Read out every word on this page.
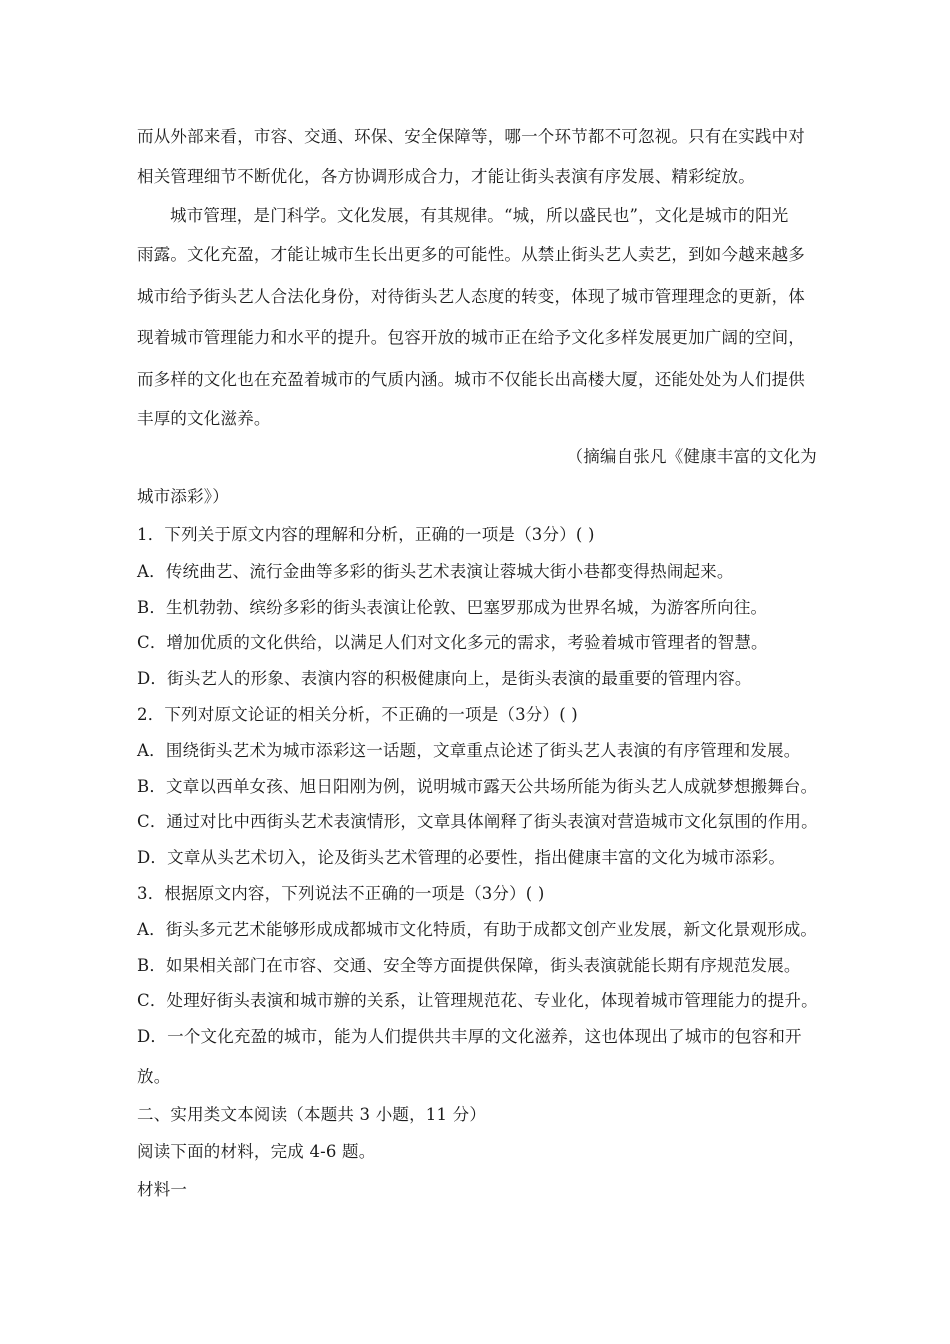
而从外部来看，市容、交通、环保、安全保障等，哪一个环节都不可忽视。只有在实践中对
相关管理细节不断优化，各方协调形成合力，才能让街头表演有序发展、精彩绽放。
城市管理，是门科学。文化发展，有其规律。“城，所以盛民也”，文化是城市的阳光
雨露。文化充盈，才能让城市生长出更多的可能性。从禁止街头艺人卖艺，到如今越来越多
城市给予街头艺人合法化身份，对待街头艺人态度的转变，体现了城市管理理念的更新，体
现着城市管理能力和水平的提升。包容开放的城市正在给予文化多样发展更加广阔的空间，
而多样的文化也在充盈着城市的气质内涵。城市不仅能长出高楼大厦，还能处处为人们提供
丰厚的文化滋养。
（摘编自张凡《健康丰富的文化为
城市添彩》）
1．下列关于原文内容的理解和分析，正确的一项是（3分）( )
A．传统曲艺、流行金曲等多彩的街头艺术表演让蓉城大街小巷都变得热闹起来。
B．生机勃勃、缤纷多彩的街头表演让伦敦、巴塞罗那成为世界名城，为游客所向往。
C．增加优质的文化供给，以满足人们对文化多元的需求，考验着城市管理者的智慧。
D．街头艺人的形象、表演内容的积极健康向上，是街头表演的最重要的管理内容。
2．下列对原文论证的相关分析，不正确的一项是（3分）( )
A．围绕街头艺术为城市添彩这一话题，文章重点论述了街头艺人表演的有序管理和发展。
B．文章以西单女孩、旭日阳刚为例，说明城市露天公共场所能为街头艺人成就梦想搬舞台。
C．通过对比中西街头艺术表演情形，文章具体阐释了街头表演对营造城市文化氛围的作用。
D．文章从头艺术切入，论及街头艺术管理的必要性，指出健康丰富的文化为城市添彩。
3．根据原文内容，下列说法不正确的一项是（3分）( )
A．街头多元艺术能够形成成都城市文化特质，有助于成都文创产业发展，新文化景观形成。
B．如果相关部门在市容、交通、安全等方面提供保障，街头表演就能长期有序规范发展。
C．处理好街头表演和城市辦的关系，让管理规范花、专业化，体现着城市管理能力的提升。
D．一个文化充盈的城市，能为人们提供共丰厚的文化滋养，这也体现出了城市的包容和开
放。
二、实用类文本阅读（本题共 3 小题，11 分）
阅读下面的材料，完成 4-6 题。
材料一
